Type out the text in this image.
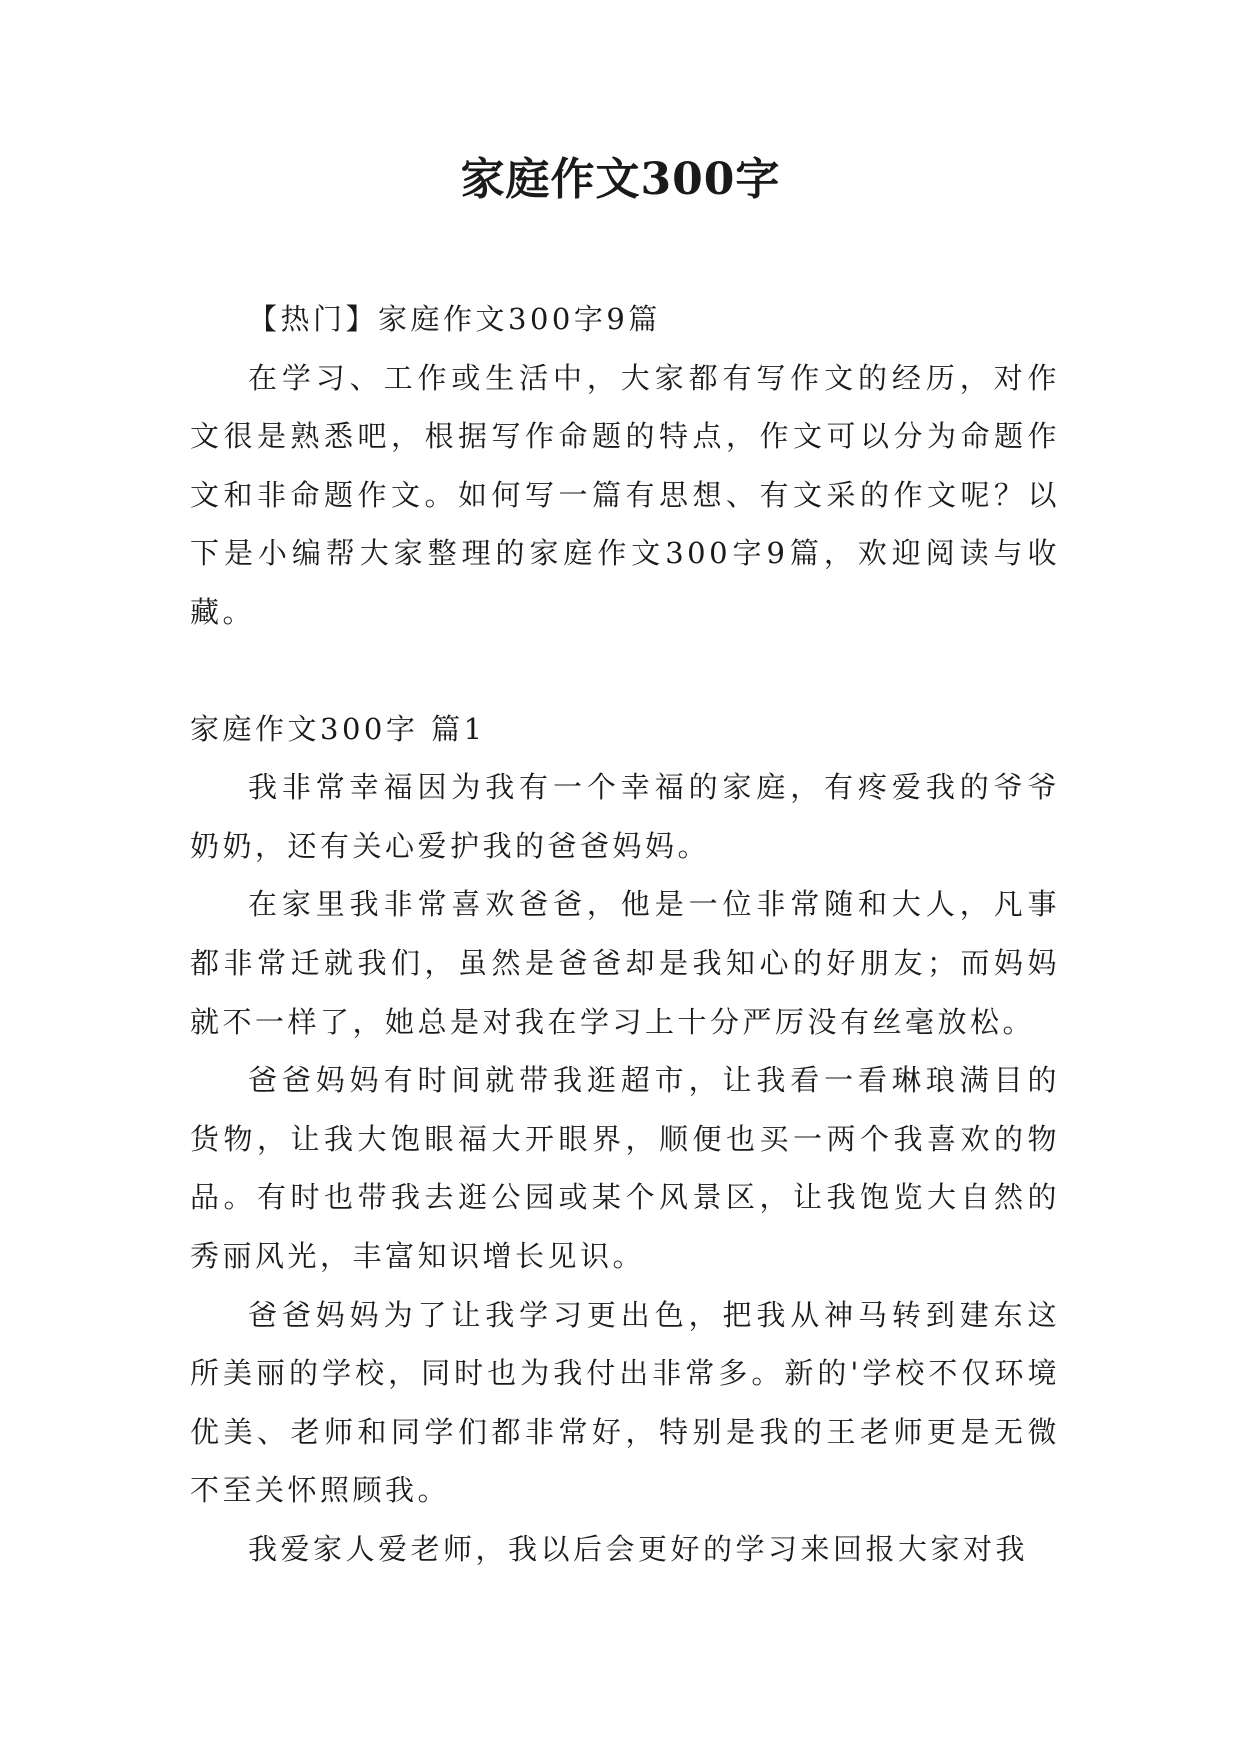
家庭作文300字

【热门】家庭作文300字9篇

在学习、工作或生活中，大家都有写作文的经历，对作文很是熟悉吧，根据写作命题的特点，作文可以分为命题作文和非命题作文。如何写一篇有思想、有文采的作文呢？以下是小编帮大家整理的家庭作文300字9篇，欢迎阅读与收藏。

家庭作文300字 篇1

我非常幸福因为我有一个幸福的家庭，有疼爱我的爷爷奶奶，还有关心爱护我的爸爸妈妈。

在家里我非常喜欢爸爸，他是一位非常随和大人，凡事都非常迁就我们，虽然是爸爸却是我知心的好朋友；而妈妈就不一样了，她总是对我在学习上十分严厉没有丝毫放松。

爸爸妈妈有时间就带我逛超市，让我看一看琳琅满目的货物，让我大饱眼福大开眼界，顺便也买一两个我喜欢的物品。有时也带我去逛公园或某个风景区，让我饱览大自然的秀丽风光，丰富知识增长见识。

爸爸妈妈为了让我学习更出色，把我从神马转到建东这所美丽的学校，同时也为我付出非常多。新的'学校不仅环境优美、老师和同学们都非常好，特别是我的王老师更是无微不至关怀照顾我。

我爱家人爱老师，我以后会更好的学习来回报大家对我
